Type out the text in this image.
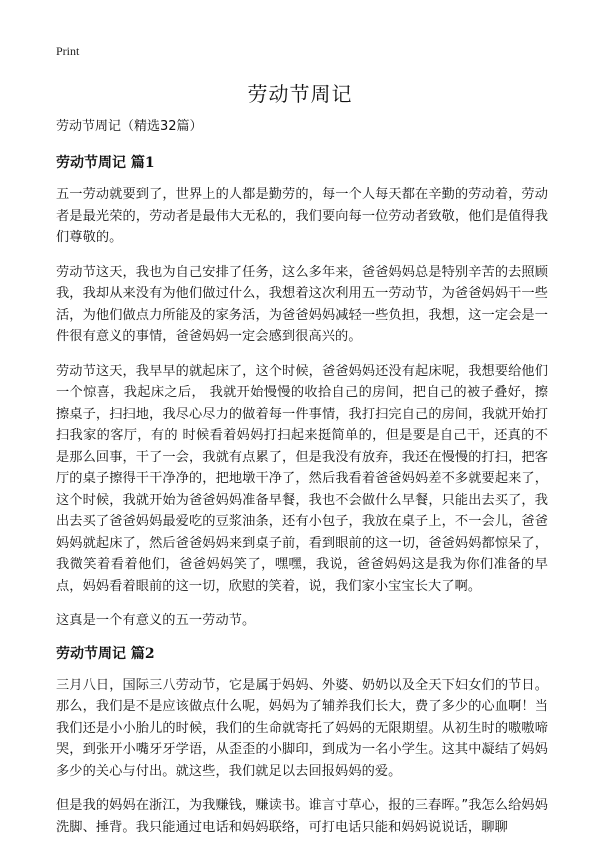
Print
劳动节周记

劳动节周记（精选32篇）

劳动节周记 篇1

五一劳动就要到了，世界上的人都是勤劳的，每一个人每天都在辛勤的劳动着，劳动者是最光荣的，劳动者是最伟大无私的，我们要向每一位劳动者致敬，他们是值得我们尊敬的。

劳动节这天，我也为自己安排了任务，这么多年来，爸爸妈妈总是特别辛苦的去照顾我，我却从来没有为他们做过什么，我想着这次利用五一劳动节，为爸爸妈妈干一些活，为他们做点力所能及的家务活，为爸爸妈妈减轻一些负担，我想，这一定会是一件很有意义的事情，爸爸妈妈一定会感到很高兴的。

劳动节这天，我早早的就起床了，这个时候，爸爸妈妈还没有起床呢，我想要给他们一个惊喜，我起床之后， 我就开始慢慢的收拾自己的房间，把自己的被子叠好，擦擦桌子，扫扫地，我尽心尽力的做着每一件事情，我打扫完自己的房间，我就开始打扫我家的客厅，有的 时候看着妈妈打扫起来挺简单的，但是要是自己干，还真的不是那么回事，干了一会，我就有点累了，但是我没有放弃，我还在慢慢的打扫，把客厅的桌子擦得干干净净的，把地墩干净了，然后我看着爸爸妈妈差不多就要起来了，这个时候，我就开始为爸爸妈妈准备早餐，我也不会做什么早餐，只能出去买了，我出去买了爸爸妈妈最爱吃的豆浆油条，还有小包子，我放在桌子上，不一会儿，爸爸妈妈就起床了，然后爸爸妈妈来到桌子前，看到眼前的这一切，爸爸妈妈都惊呆了，我微笑着看着他们，爸爸妈妈笑了，嘿嘿，我说，爸爸妈妈这是我为你们准备的早点，妈妈看着眼前的这一切，欣慰的笑着，说，我们家小宝宝长大了啊。

这真是一个有意义的五一劳动节。

劳动节周记 篇2

三月八日，国际三八劳动节，它是属于妈妈、外婆、奶奶以及全天下妇女们的节日。那么，我们是不是应该做点什么呢，妈妈为了辅养我们长大，费了多少的心血啊！当我们还是小小胎儿的时候，我们的生命就寄托了妈妈的无限期望。从初生时的嗷嗷啼哭，到张开小嘴牙牙学语，从歪歪的小脚印，到成为一名小学生。这其中凝结了妈妈多少的关心与付出。就这些，我们就足以去回报妈妈的爱。

但是我的妈妈在浙江，为我赚钱，赚读书。谁言寸草心，报的三春晖。”我怎么给妈妈洗脚、捶背。我只能通过电话和妈妈联络，可打电话只能和妈妈说说话，聊聊
